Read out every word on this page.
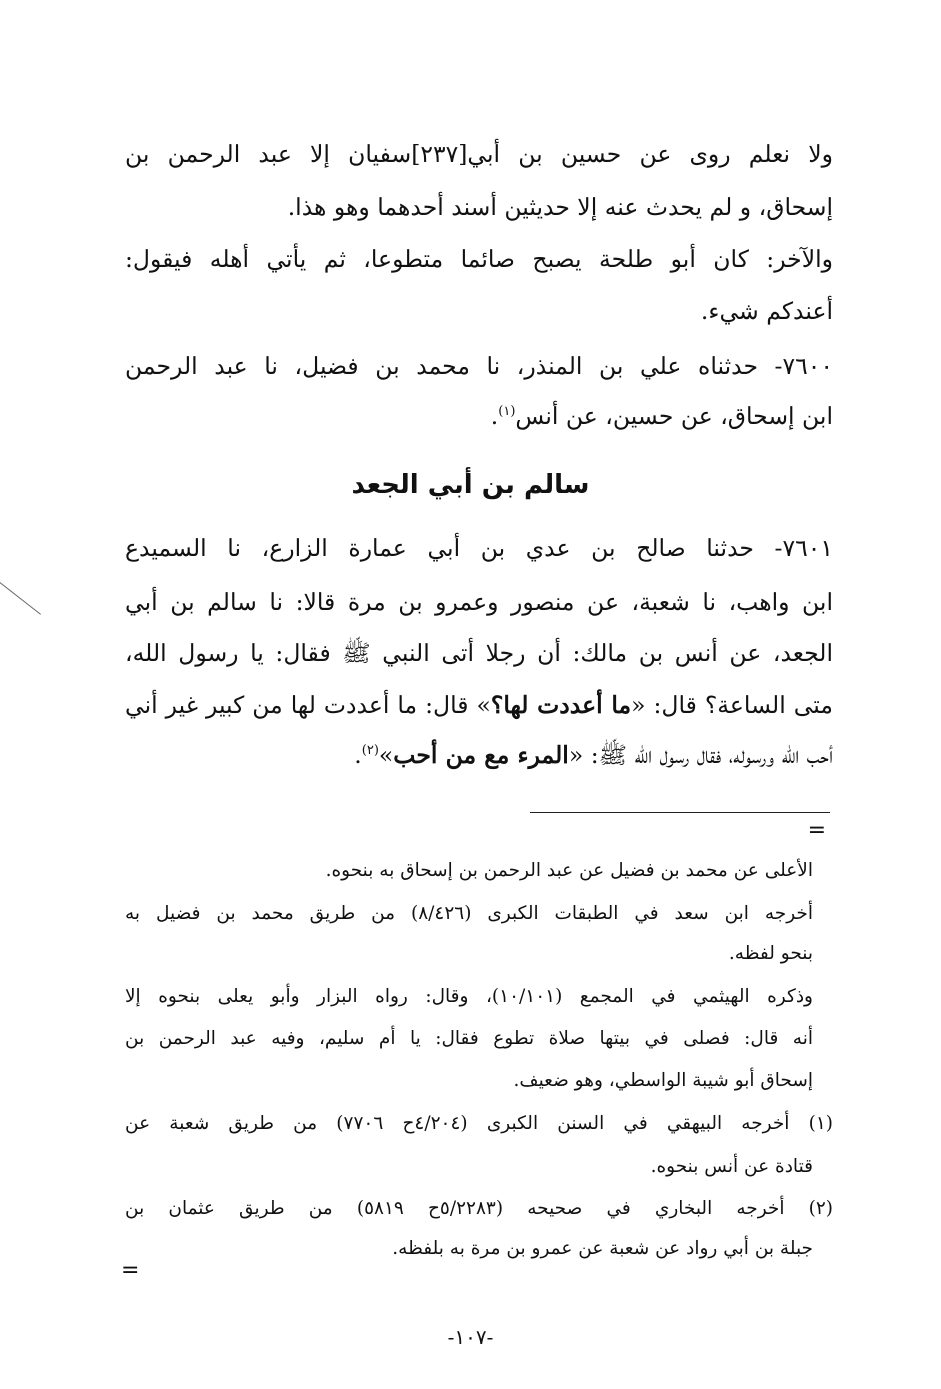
ولا نعلم روى عن حسين بن أبي[٢٣٧]سفيان إلا عبد الرحمن بن
إسحاق، و لم يحدث عنه إلا حديثين أسند أحدهما وهو هذا.
والآخر: كان أبو طلحة يصبح صائما متطوعا، ثم يأتي أهله فيقول:
أعندكم شيء.
٧٦٠٠- حدثناه علي بن المنذر، نا محمد بن فضيل، نا عبد الرحمن
ابن إسحاق، عن حسين، عن أنس$^{(١)}$.
سالم بن أبي الجعد
٧٦٠١- حدثنا صالح بن عدي بن أبي عمارة الزارع، نا السميدع
ابن واهب، نا شعبة، عن منصور وعمرو بن مرة قالا: نا سالم بن أبي
الجعد، عن أنس بن مالك: أن رجلا أتى النبي ﷺ فقال: يا رسول الله،
متى الساعة؟ قال: «ما أعددت لها؟» قال: ما أعددت لها من كبير غير أني
أحب الله ورسوله، فقال رسول الله ﷺ: «المرء مع من أحب»$^{(٢)}$.
=
الأعلى عن محمد بن فضيل عن عبد الرحمن بن إسحاق به بنحوه.
أخرجه ابن سعد في الطبقات الكبرى (٨/٤٢٦) من طريق محمد بن فضيل به
بنحو لفظه.
وذكره الهيثمي في المجمع (١٠/١٠١)، وقال: رواه البزار وأبو يعلى بنحوه إلا
أنه قال: فصلى في بيتها صلاة تطوع فقال: يا أم سليم، وفيه عبد الرحمن بن
إسحاق أبو شيبة الواسطي، وهو ضعيف.
(١) أخرجه البيهقي في السنن الكبرى (٤/٢٠٤ح ٧٧٠٦) من طريق شعبة عن
قتادة عن أنس بنحوه.
(٢) أخرجه البخاري في صحيحه (٥/٢٢٨٣ح ٥٨١٩) من طريق عثمان بن
جبلة بن أبي رواد عن شعبة عن عمرو بن مرة به بلفظه.
=
-١٠٧-
